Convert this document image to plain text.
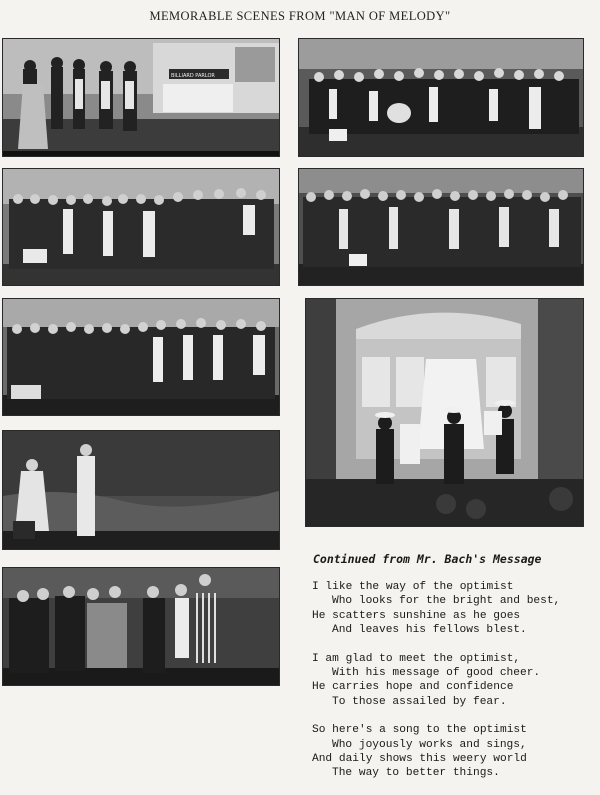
MEMORABLE SCENES FROM "MAN OF MELODY"
BILLIARD PARLOR
Continued from Mr. Bach's Message
I like the way of the optimist
Who looks for the bright and best,
He scatters sunshine as he goes
And leaves his fellows blest.
I am glad to meet the optimist,
With his message of good cheer.
He carries hope and confidence
To those assailed by fear.
So here's a song to the optimist
Who joyously works and sings,
And daily shows this weery world
The way to better things.
